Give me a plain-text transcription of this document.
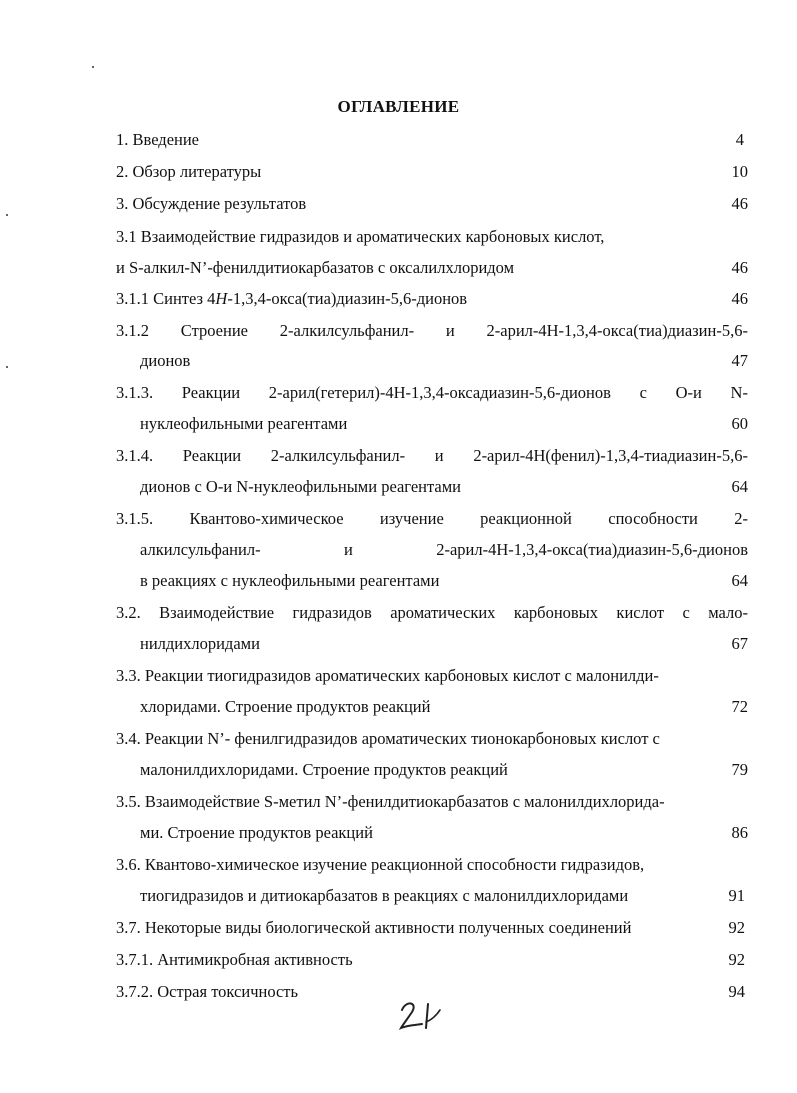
ОГЛАВЛЕНИЕ
1. Введение	4
2. Обзор литературы	10
3. Обсуждение результатов	46
3.1 Взаимодействие гидразидов и ароматических карбоновых кислот,
и S-алкил-N’-фенилдитиокарбазатов с оксалилхлоридом	46
3.1.1 Синтез 4H-1,3,4-окса(тиа)диазин-5,6-дионов	46
3.1.2 Строение 2-алкилсульфанил- и 2-арил-4H-1,3,4-окса(тиа)диазин-5,6-
дионов	47
3.1.3. Реакции 2-арил(гетерил)-4H-1,3,4-оксадиазин-5,6-дионов с O-и N-
нуклеофильными реагентами	60
3.1.4. Реакции 2-алкилсульфанил- и 2-арил-4H(фенил)-1,3,4-тиадиазин-5,6-
дионов с O-и N-нуклеофильными реагентами	64
3.1.5. Квантово-химическое изучение реакционной способности 2-
алкилсульфанил-	и	2-арил-4H-1,3,4-окса(тиа)диазин-5,6-дионов
в реакциях с нуклеофильными реагентами	64
3.2. Взаимодействие гидразидов ароматических карбоновых кислот с мало-
нилдихлоридами	67
3.3. Реакции тиогидразидов ароматических карбоновых кислот с малонилди-
хлоридами. Строение продуктов реакций	72
3.4. Реакции N’- фенилгидразидов ароматических тионокарбоновых кислот с
малонилдихлоридами. Строение продуктов реакций	79
3.5. Взаимодействие S-метил N’-фенилдитиокарбазатов с малонилдихлорида-
ми. Строение продуктов реакций	86
3.6. Квантово-химическое изучение реакционной способности гидразидов,
тиогидразидов и дитиокарбазатов в реакциях с малонилдихлоридами	91
3.7. Некоторые виды биологической активности полученных соединений	92
3.7.1. Антимикробная активность	92
3.7.2. Острая токсичность	94
